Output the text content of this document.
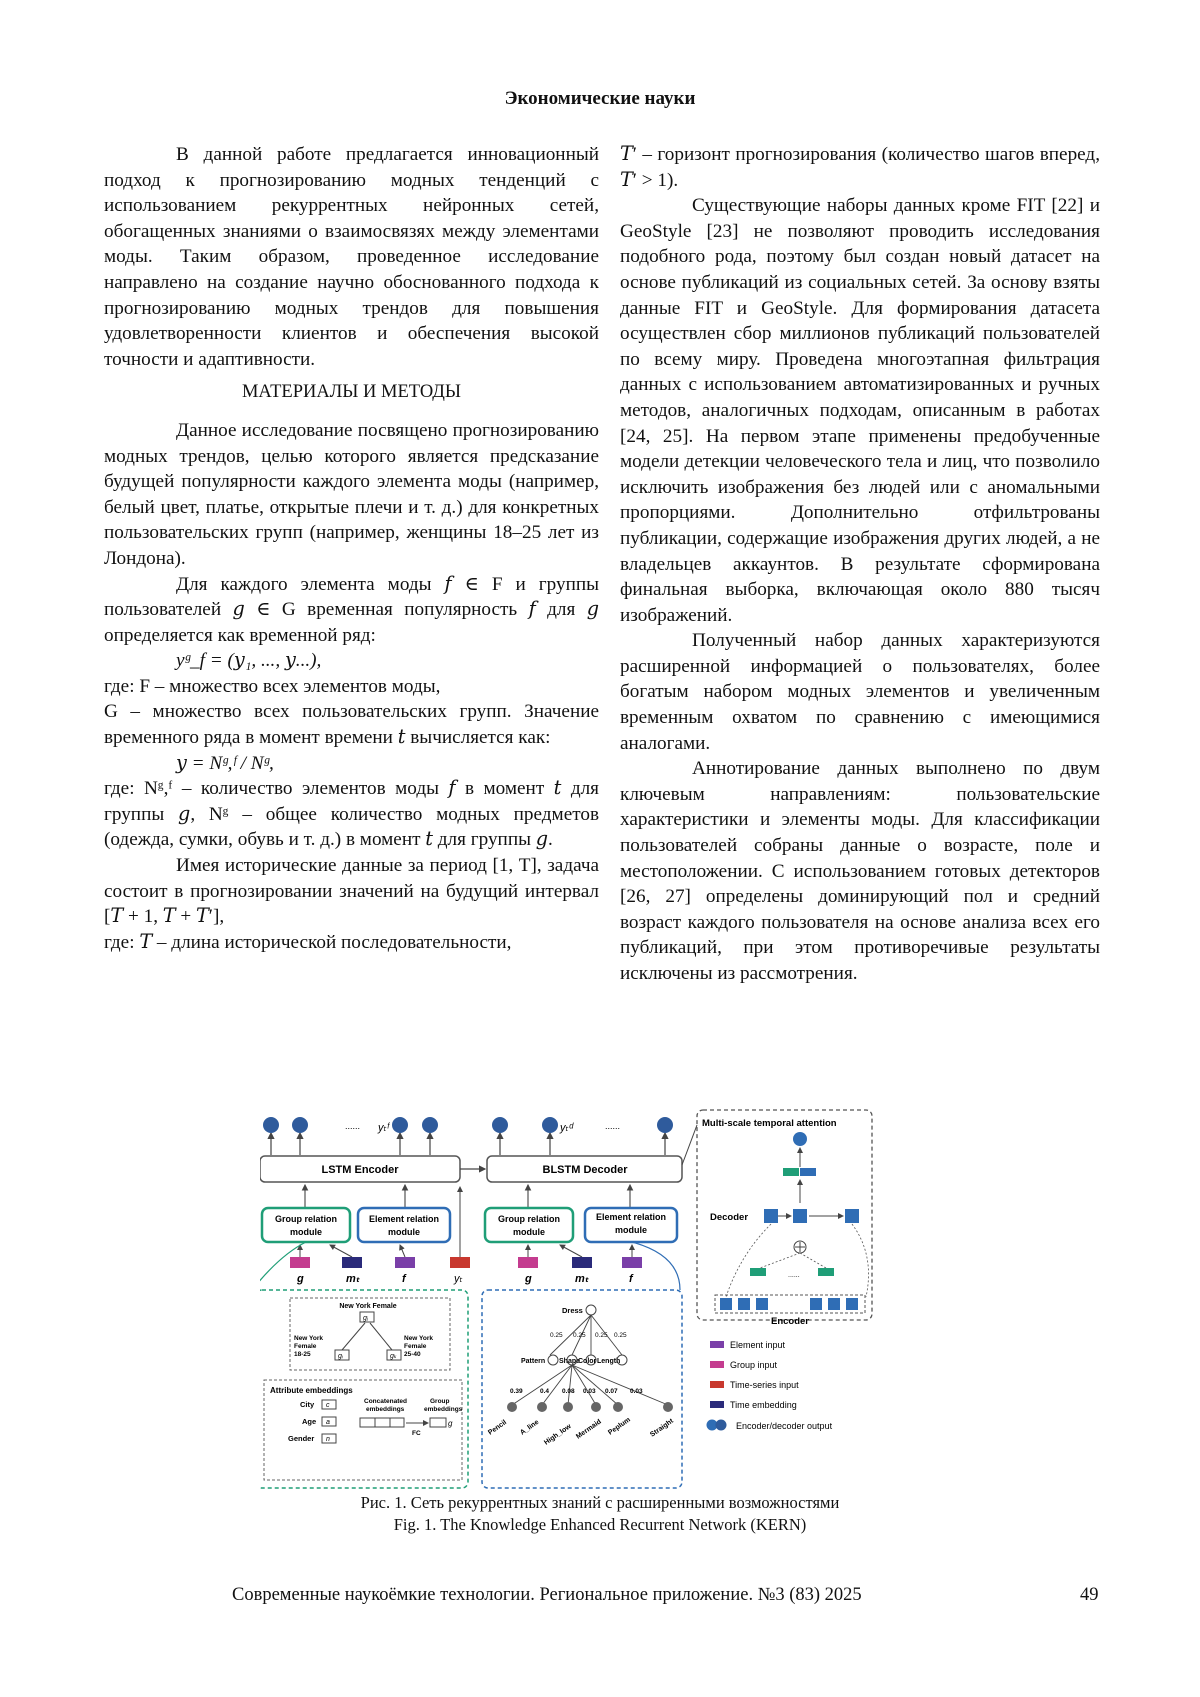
Экономические науки

В данной работе предлагается инновационный подход к прогнозированию модных тенденций с использованием рекуррентных нейронных сетей, обогащенных знаниями о взаимосвязях между элементами моды. Таким образом, проведенное исследование направлено на создание научно обоснованного подхода к прогнозированию модных трендов для повышения удовлетворенности клиентов и обеспечения высокой точности и адаптивности.

МАТЕРИАЛЫ И МЕТОДЫ

Данное исследование посвящено прогнозированию модных трендов, целью которого является предсказание будущей популярности каждого элемента моды (например, белый цвет, платье, открытые плечи и т. д.) для конкретных пользовательских групп (например, женщины 18–25 лет из Лондона).

Для каждого элемента моды 𝑓 ∈ F и группы пользователей 𝑔 ∈ G временная популярность 𝑓 для 𝑔 определяется как временной ряд:

yᵍ_f = (𝑦₁, ..., 𝑦...),

где: F – множество всех элементов моды,

G – множество всех пользовательских групп. Значение временного ряда в момент времени 𝑡 вычисляется как:

𝑦 = Nᵍ,ᶠ / Nᵍ,

где: Nᵍ,ᶠ – количество элементов моды 𝑓 в момент 𝑡 для группы 𝑔, Nᵍ – общее количество модных предметов (одежда, сумки, обувь и т. д.) в момент 𝑡 для группы 𝑔.

Имея исторические данные за период [1, T], задача состоит в прогнозировании значений на будущий интервал [𝑇 + 1, 𝑇 + 𝑇′],

где: 𝑇 – длина исторической последовательности,

𝑇′ – горизонт прогнозирования (количество шагов вперед, 𝑇′ > 1).

Существующие наборы данных кроме FIT [22] и GeoStyle [23] не позволяют проводить исследования подобного рода, поэтому был создан новый датасет на основе публикаций из социальных сетей. За основу взяты данные FIT и GeoStyle. Для формирования датасета осуществлен сбор миллионов публикаций пользователей по всему миру. Проведена многоэтапная фильтрация данных с использованием автоматизированных и ручных методов, аналогичных подходам, описанным в работах [24, 25]. На первом этапе применены предобученные модели детекции человеческого тела и лиц, что позволило исключить изображения без людей или с аномальными пропорциями. Дополнительно отфильтрованы публикации, содержащие изображения других людей, а не владельцев аккаунтов. В результате сформирована финальная выборка, включающая около 880 тысяч изображений.

Полученный набор данных характеризуются расширенной информацией о пользователях, более богатым набором модных элементов и увеличенным временным охватом по сравнению с имеющимися аналогами.

Аннотирование данных выполнено по двум ключевым направлениям: пользовательские характеристики и элементы моды. Для классификации пользователей собраны данные о возрасте, поле и местоположении. С использованием готовых детекторов [26, 27] определены доминирующий пол и средний возраст каждого пользователя на основе анализа всех его публикаций, при этом противоречивые результаты исключены из рассмотрения.

...... yₜᶠ	yₜᵈ	......
LSTM Encoder	BLSTM Decoder
Group relation
module
Element relation
module
Group relation
module
Element relation
module
g	mₜ	f	yₜ	g	mₜ	f
New York Female
gⱼ
gᵢ	gₖ
New York
Female
18-25
New York
Female
25-40
Attribute embeddings
City c
Age a
Gender n
Concatenated
embeddings
Group
embeddings
FC
g
Dress
0.25 0.25 0.25 0.25
Pattern Shape
Color Length
0.39	0.4 0.08 0.03 0.07 0.03
Pencil A_line High_low Mermaid Peplum Straight
Multi-scale temporal attention
Decoder
......
Encoder
Element input
Group input
Time-series input
Time embedding
Encoder/decoder output
Рис. 1. Сеть рекуррентных знаний с расширенными возможностями
Fig. 1. The Knowledge Enhanced Recurrent Network (KERN)
Современные наукоёмкие технологии. Региональное приложение. №3 (83) 2025	49
